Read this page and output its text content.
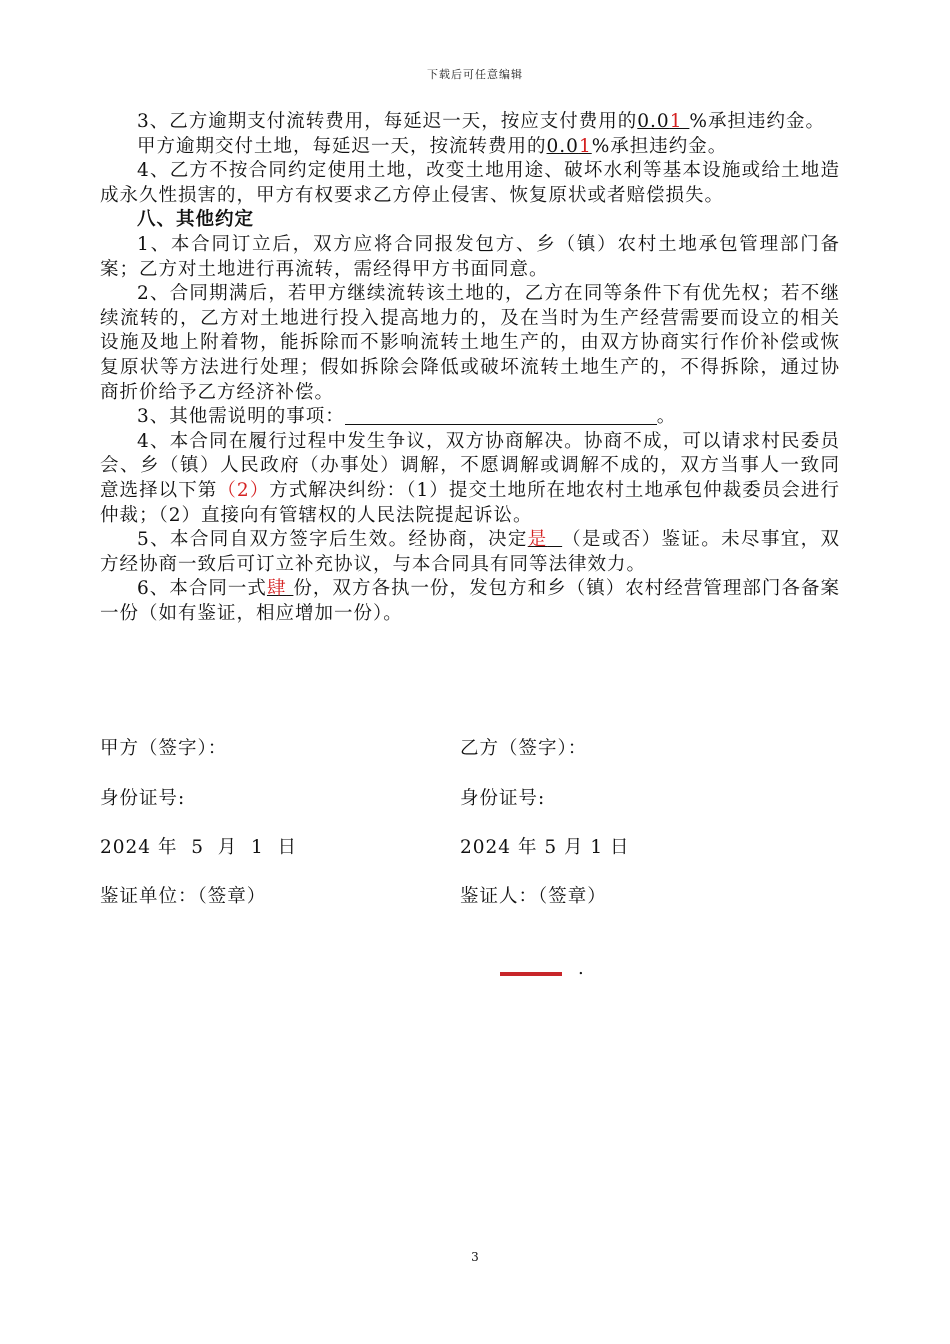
下载后可任意编辑

3、乙方逾期支付流转费用，每延迟一天，按应支付费用的0.01 %承担违约金。

甲方逾期交付土地，每延迟一天，按流转费用的0.01%承担违约金。

4、乙方不按合同约定使用土地，改变土地用途、破坏水利等基本设施或给土地造成永久性损害的，甲方有权要求乙方停止侵害、恢复原状或者赔偿损失。

八、其他约定

1、本合同订立后，双方应将合同报发包方、乡（镇）农村土地承包管理部门备案；乙方对土地进行再流转，需经得甲方书面同意。

2、合同期满后，若甲方继续流转该土地的，乙方在同等条件下有优先权；若不继续流转的，乙方对土地进行投入提高地力的，及在当时为生产经营需要而设立的相关设施及地上附着物，能拆除而不影响流转土地生产的，由双方协商实行作价补偿或恢复原状等方法进行处理；假如拆除会降低或破坏流转土地生产的，不得拆除，通过协商折价给予乙方经济补偿。

3、其他需说明的事项：	。

4、本合同在履行过程中发生争议，双方协商解决。协商不成，可以请求村民委员会、乡（镇）人民政府（办事处）调解，不愿调解或调解不成的，双方当事人一致同意选择以下第（2）方式解决纠纷：（1）提交土地所在地农村土地承包仲裁委员会进行仲裁；（2）直接向有管辖权的人民法院提起诉讼。

5、本合同自双方签字后生效。经协商，决定是 （是或否）鉴证。未尽事宜，双方经协商一致后可订立补充协议，与本合同具有同等法律效力。

6、本合同一式肆 份，双方各执一份，发包方和乡（镇）农村经营管理部门各备案一份（如有鉴证，相应增加一份）。

甲方（签字）：	乙方（签字）：
身份证号:	身份证号:
2024 年  5  月  1  日	2024 年 5 月 1 日
鉴证单位：（签章）	鉴证人：（签章）
.
3
